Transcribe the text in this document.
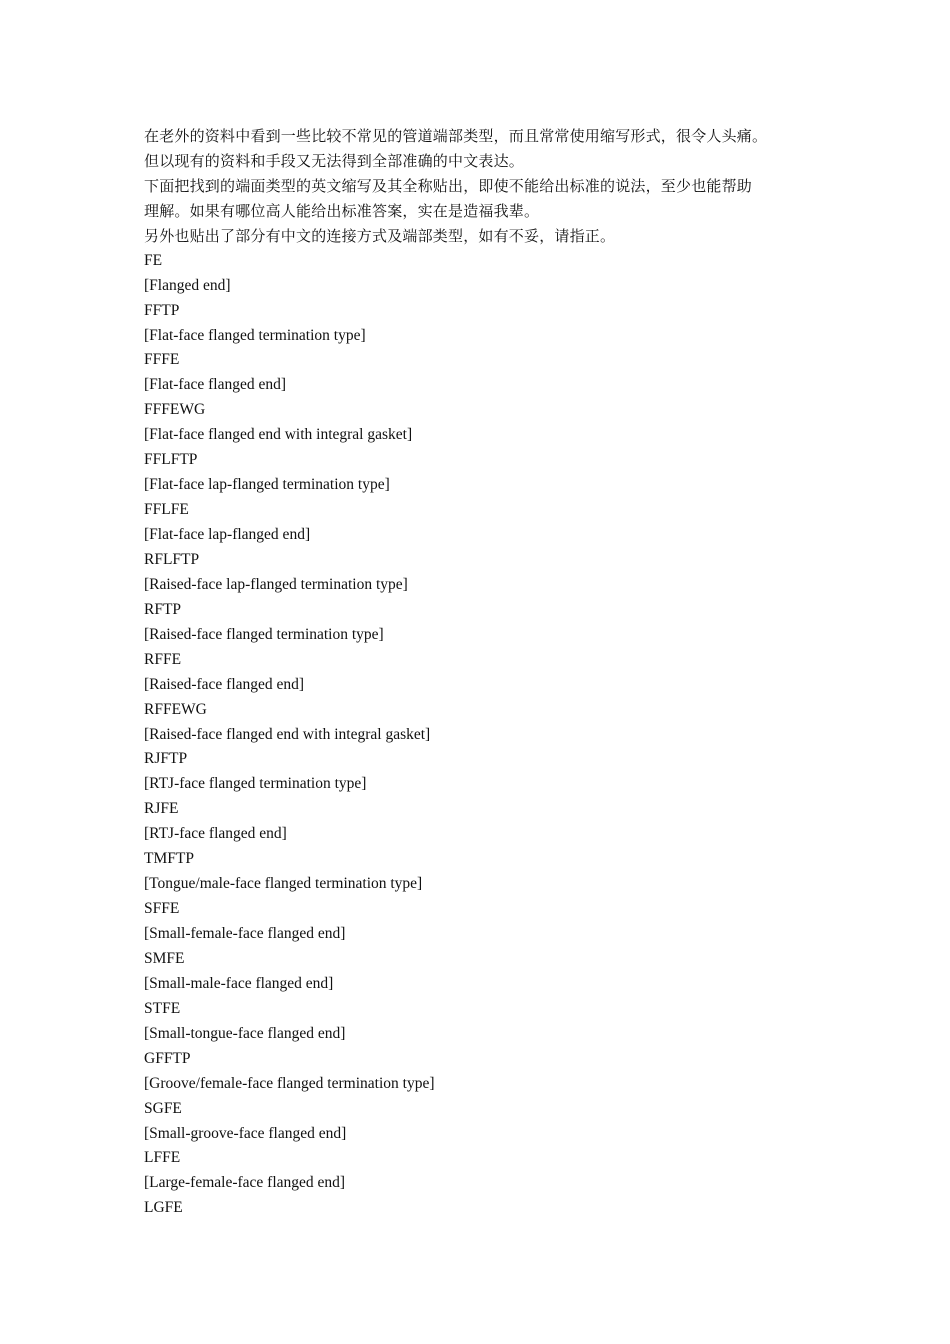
在老外的资料中看到一些比较不常见的管道端部类型，而且常常使用缩写形式，很令人头痛。
但以现有的资料和手段又无法得到全部准确的中文表达。
下面把找到的端面类型的英文缩写及其全称贴出，即使不能给出标准的说法，至少也能帮助
理解。如果有哪位高人能给出标准答案，实在是造福我辈。
另外也贴出了部分有中文的连接方式及端部类型，如有不妥，请指正。
FE
[Flanged end]
FFTP
[Flat-face flanged termination type]
FFFE
[Flat-face flanged end]
FFFEWG
[Flat-face flanged end with integral gasket]
FFLFTP
[Flat-face lap-flanged termination type]
FFLFE
[Flat-face lap-flanged end]
RFLFTP
[Raised-face lap-flanged termination type]
RFTP
[Raised-face flanged termination type]
RFFE
[Raised-face flanged end]
RFFEWG
[Raised-face flanged end with integral gasket]
RJFTP
[RTJ-face flanged termination type]
RJFE
[RTJ-face flanged end]
TMFTP
[Tongue/male-face flanged termination type]
SFFE
[Small-female-face flanged end]
SMFE
[Small-male-face flanged end]
STFE
[Small-tongue-face flanged end]
GFFTP
[Groove/female-face flanged termination type]
SGFE
[Small-groove-face flanged end]
LFFE
[Large-female-face flanged end]
LGFE
